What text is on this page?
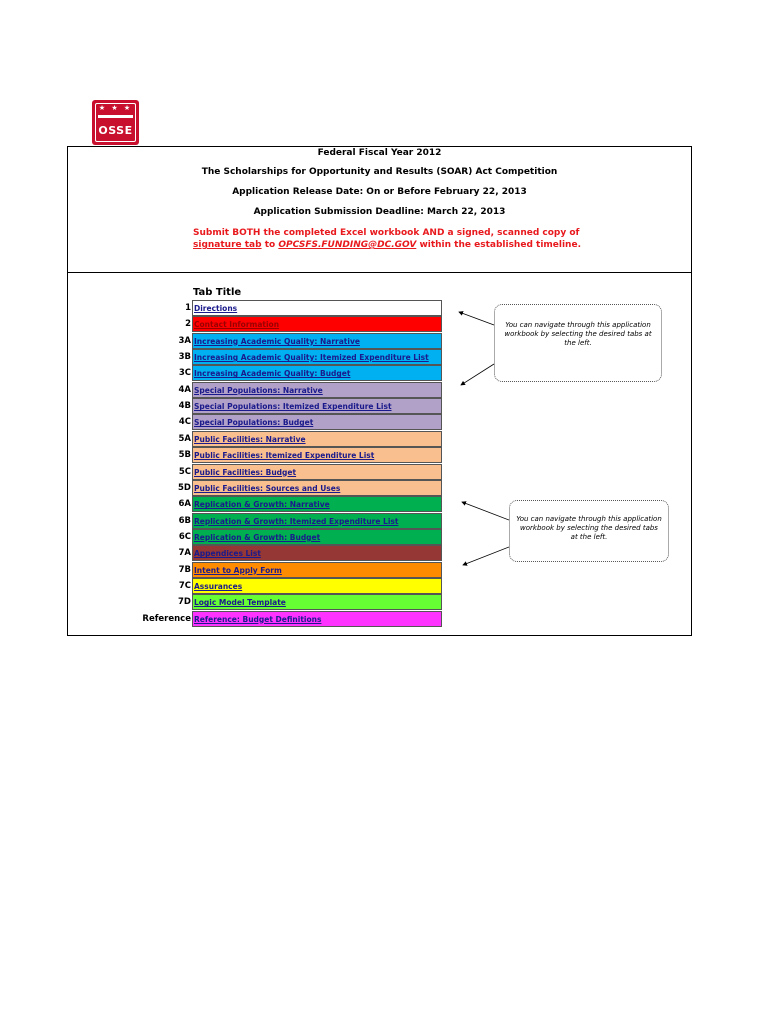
★ ★ ★
OSSE
Federal Fiscal Year 2012
The Scholarships for Opportunity and Results (SOAR) Act Competition
Application Release Date: On or Before February 22, 2013
Application Submission Deadline: March 22, 2013
Submit BOTH the completed Excel workbook AND a signed, scanned copy of signature tab to OPCSFS.FUNDING@DC.GOV within the established timeline.
Tab Title
1 Directions
2 Contact Information
3A Increasing Academic Quality: Narrative
3B Increasing Academic Quality: Itemized Expenditure List
3C Increasing Academic Quality: Budget
4A Special Populations: Narrative
4B Special Populations: Itemized Expenditure List
4C Special Populations: Budget
5A Public Facilities: Narrative
5B Public Facilities: Itemized Expenditure List
5C Public Facilities: Budget
5D Public Facilities: Sources and Uses
6A Replication & Growth: Narrative
6B Replication & Growth: Itemized Expenditure List
6C Replication & Growth: Budget
7A Appendices List
7B Intent to Apply Form
7C Assurances
7D Logic Model Template
Reference Reference: Budget Definitions
You can navigate through this application workbook by selecting the desired tabs at the left.
You can navigate through this application workbook by selecting the desired tabs at the left.
